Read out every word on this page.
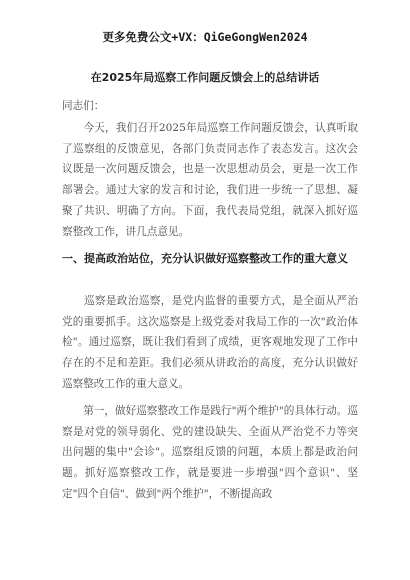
更多免费公文+VX：QiGeGongWen2024
在2025年局巡察工作问题反馈会上的总结讲话

同志们：

　　今天，我们召开2025年局巡察工作问题反馈会，认真听取了巡察组的反馈意见，各部门负责同志作了表态发言。这次会议既是一次问题反馈会，也是一次思想动员会，更是一次工作部署会。通过大家的发言和讨论，我们进一步统一了思想、凝聚了共识、明确了方向。下面，我代表局党组，就深入抓好巡察整改工作，讲几点意见。

一、提高政治站位，充分认识做好巡察整改工作的重大意义

　　巡察是政治巡察，是党内监督的重要方式，是全面从严治党的重要抓手。这次巡察是上级党委对我局工作的一次"政治体检"。通过巡察，既让我们看到了成绩，更客观地发现了工作中存在的不足和差距。我们必须从讲政治的高度，充分认识做好巡察整改工作的重大意义。

　　第一，做好巡察整改工作是践行"两个维护"的具体行动。巡察是对党的领导弱化、党的建设缺失、全面从严治党不力等突出问题的集中"会诊"。巡察组反馈的问题，本质上都是政治问题。抓好巡察整改工作，就是要进一步增强"四个意识"、坚定"四个自信"、做到"两个维护"，不断提高政
